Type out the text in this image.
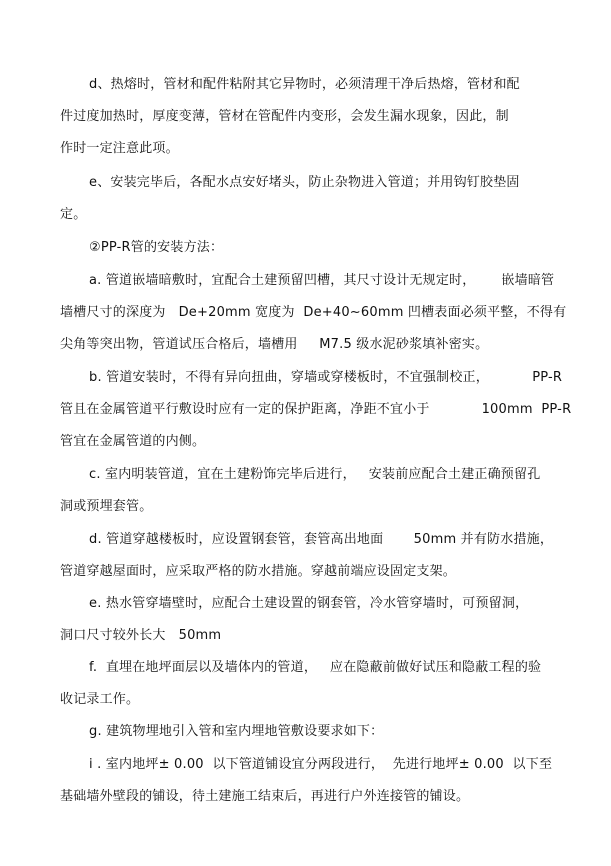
d、热熔时，管材和配件粘附其它异物时，必须清理干净后热熔，管材和配
件过度加热时，厚度变薄，管材在管配件内变形，会发生漏水现象，因此，制
作时一定注意此项。
e、安装完毕后，各配水点安好堵头，防止杂物进入管道；并用钩钉胶垫固
定。
②PP-R管的安装方法：
a. 管道嵌墙暗敷时，宜配合土建预留凹槽，其尺寸设计无规定时，      嵌墙暗管
墙槽尺寸的深度为   De+20mm 宽度为  De+40~60mm 凹槽表面必须平整，不得有
尖角等突出物，管道试压合格后，墙槽用     M7.5 级水泥砂浆填补密实。
b. 管道安装时，不得有异向扭曲，穿墙或穿楼板时，不宜强制校正，          PP-R
管且在金属管道平行敷设时应有一定的保护距离，净距不宜小于            100mm  PP-R
管宜在金属管道的内侧。
c. 室内明装管道，宜在土建粉饰完毕后进行，   安装前应配合土建正确预留孔
洞或预埋套管。
d. 管道穿越楼板时，应设置钢套管，套管高出地面       50mm 并有防水措施，
管道穿越屋面时，应采取严格的防水措施。穿越前端应设固定支架。
e. 热水管穿墙壁时，应配合土建设置的钢套管，冷水管穿墙时，可预留洞，
洞口尺寸较外长大   50mm
f.  直埋在地坪面层以及墙体内的管道，   应在隐蔽前做好试压和隐蔽工程的验
收记录工作。
g. 建筑物埋地引入管和室内埋地管敷设要求如下：
i . 室内地坪± 0.00  以下管道铺设宜分两段进行，  先进行地坪± 0.00  以下至
基础墙外壁段的铺设，待土建施工结束后，再进行户外连接管的铺设。
